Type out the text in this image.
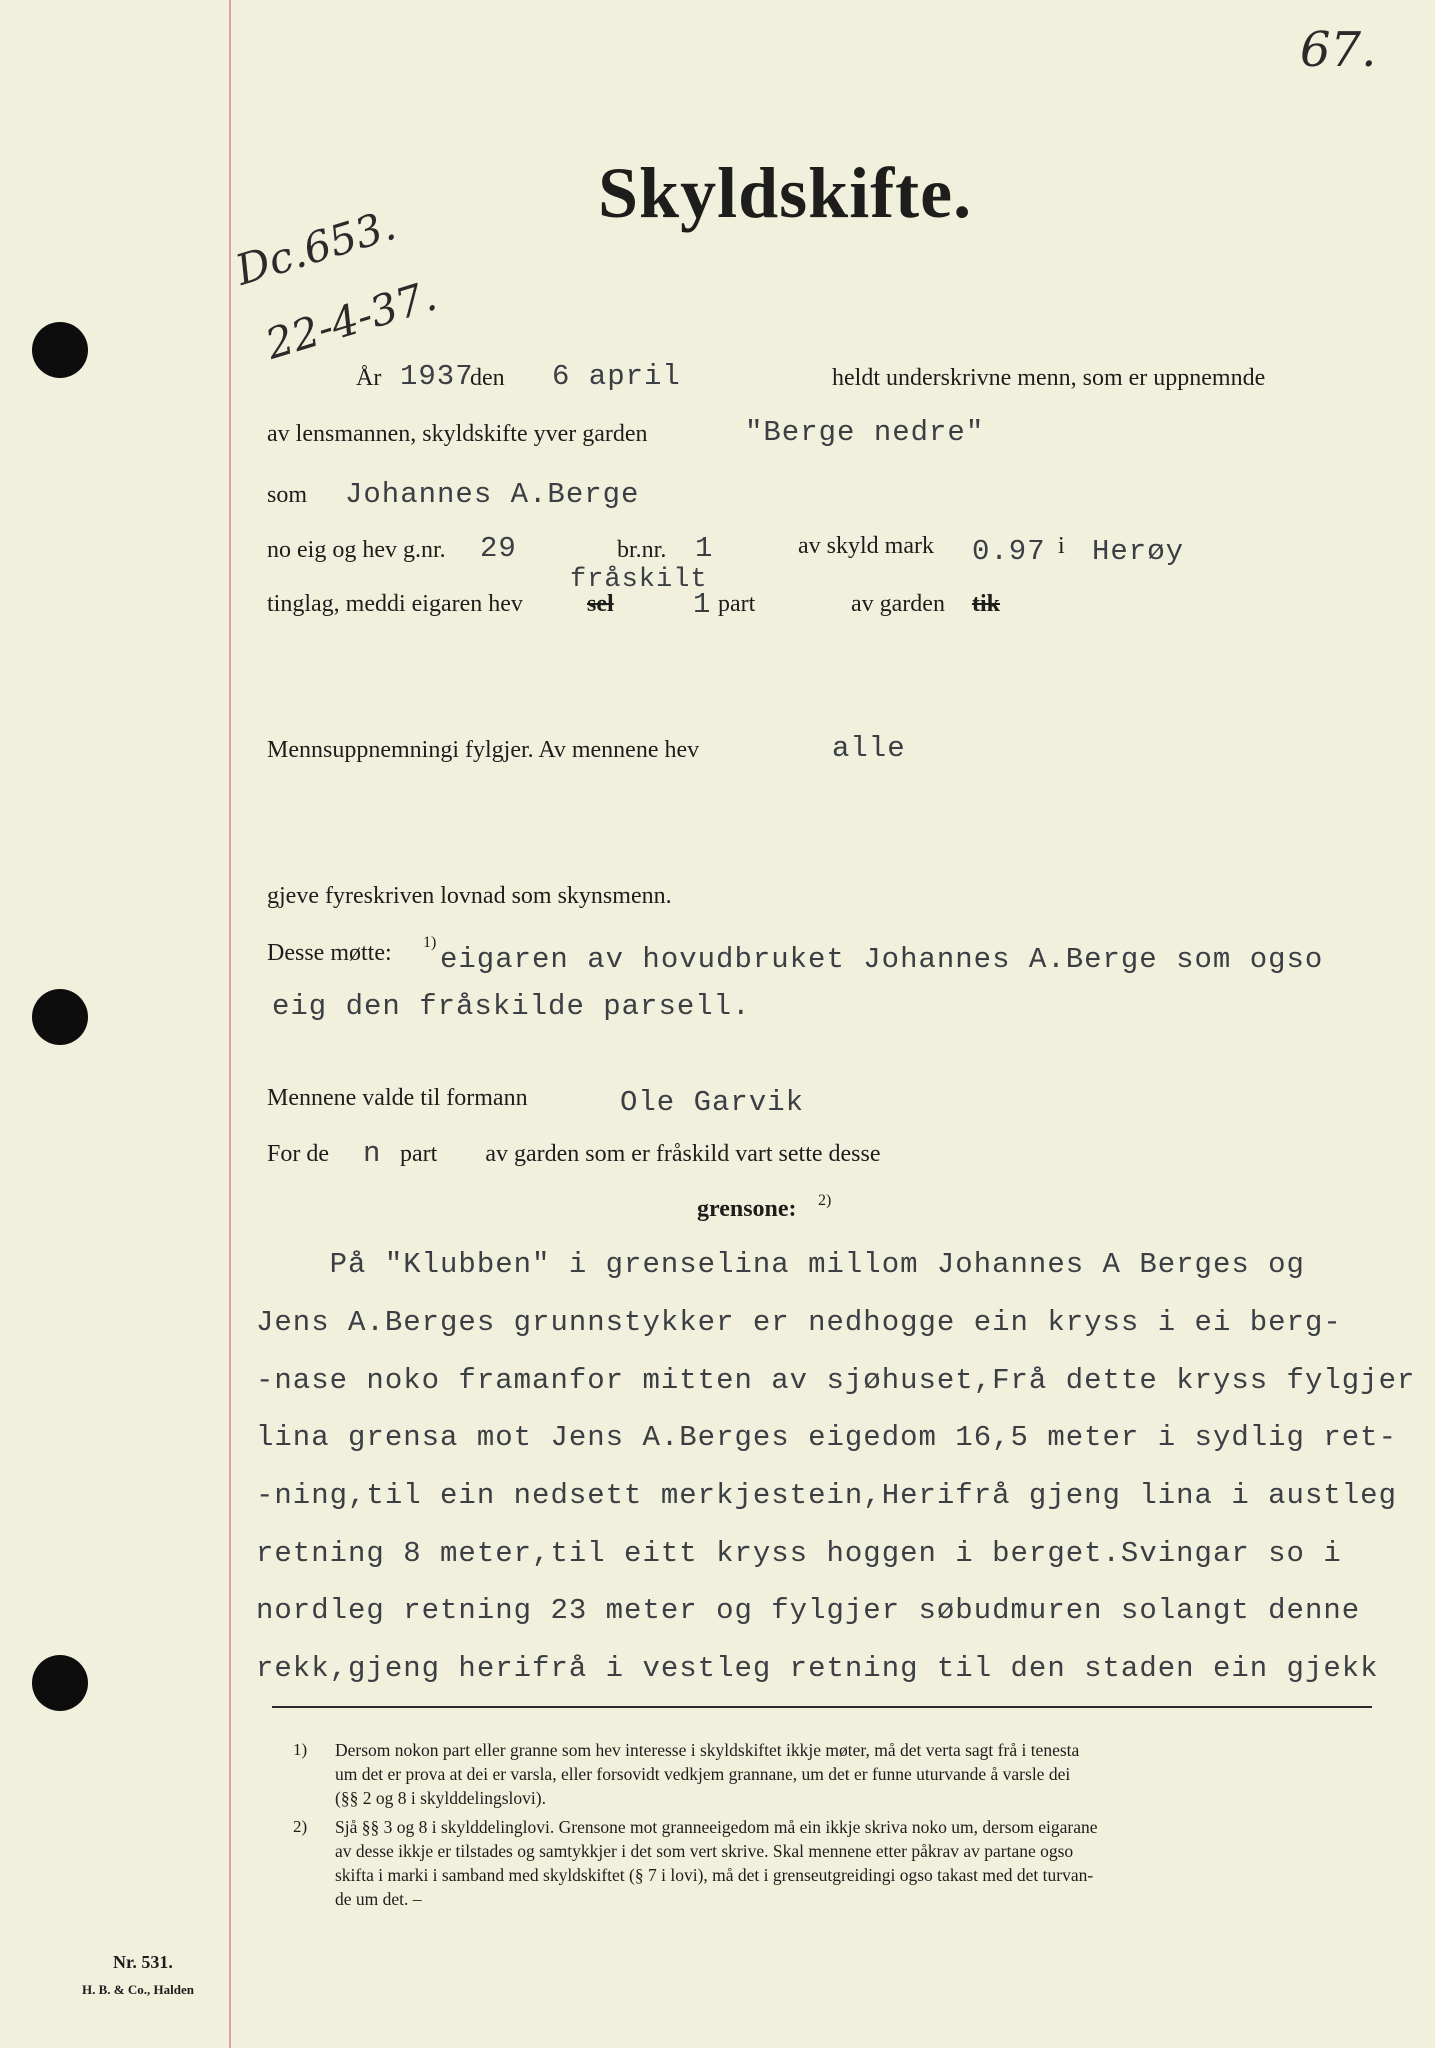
67.
Dc.653.
22-4-37.
Skyldskifte.
År 1937
den 6 april	heldt underskrivne menn, som er uppnemnde
av lensmannen, skyldskifte yver garden	"Berge nedre"
som Johannes A.Berge
no eig og hev g.nr. 29	br.nr. 1	av skyld mark 0.97 i Herøy
tinglag, meddi eigaren hev	sel
fråskilt
1 part	av garden tik
Mennsuppnemningi fylgjer. Av mennene hev	alle
gjeve fyreskriven lovnad som skynsmenn.
Desse møtte: 1)
eigaren av hovudbruket Johannes A.Berge som ogso
eig den fråskilde parsell.
Mennene valde til formann	Ole Garvik
For de n part        av garden som er fråskild vart sette desse
grensone: 2)
På "Klubben" i grenselina millom Johannes A Berges og
Jens A.Berges grunnstykker er nedhogge ein kryss i ei berg-
-nase noko framanfor mitten av sjøhuset,Frå dette kryss fylgjer
lina grensa mot Jens A.Berges eigedom 16,5 meter i sydlig ret-
-ning,til ein nedsett merkjestein,Herifrå gjeng lina i austleg
retning 8 meter,til eitt kryss hoggen i berget.Svingar so i
nordleg retning 23 meter og fylgjer søbudmuren solangt denne
rekk,gjeng herifrå i vestleg retning til den staden ein gjekk
1) Dersom nokon part eller granne som hev interesse i skyldskiftet ikkje møter, må det verta sagt frå i tenesta
um det er prova at dei er varsla, eller forsovidt vedkjem grannane, um det er funne uturvande å varsle dei
(§§ 2 og 8 i skylddelingslovi).
2) Sjå §§ 3 og 8 i skylddelinglovi. Grensone mot granneeigedom må ein ikkje skriva noko um, dersom eigarane
av desse ikkje er tilstades og samtykkjer i det som vert skrive. Skal mennene etter påkrav av partane ogso
skifta i marki i samband med skyldskiftet (§ 7 i lovi), må det i grenseutgreidingi ogso takast med det turvan-
de um det. –
Nr. 531.
H. B. & Co., Halden
